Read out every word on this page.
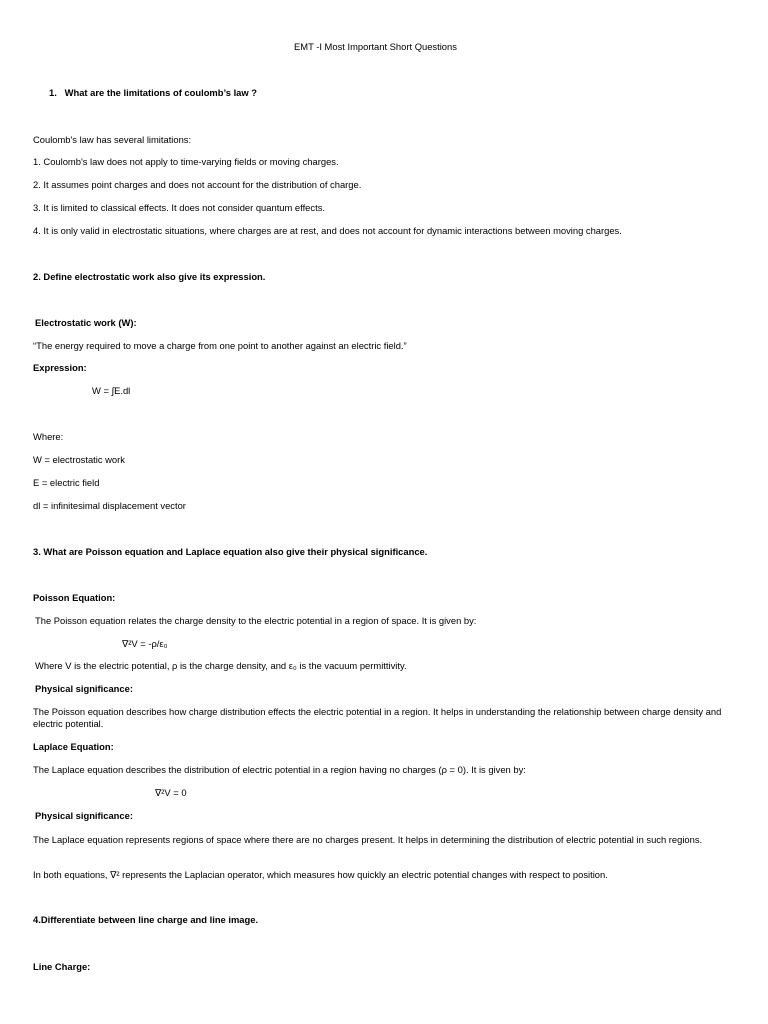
EMT -I Most Important Short Questions

1.   What are the limitations of coulomb’s law ?

Coulomb's law has several limitations:

1. Coulomb's law does not apply to time-varying fields or moving charges.

2. It assumes point charges and does not account for the distribution of charge.

3. It is limited to classical effects. It does not consider quantum effects.

4. It is only valid in electrostatic situations, where charges are at rest, and does not account for dynamic interactions between moving charges.

2. Define electrostatic work also give its expression.

Electrostatic work (W):

“The energy required to move a charge from one point to another against an electric field.”

Expression:

W = ∫E.dl

Where:

W = electrostatic work

E = electric field

dl = infinitesimal displacement vector

3. What are Poisson equation and Laplace equation also give their physical significance.

Poisson Equation:

The Poisson equation relates the charge density to the electric potential in a region of space. It is given by:

∇²V = -ρ/ε₀

Where V is the electric potential, ρ is the charge density, and ε₀ is the vacuum permittivity.

Physical significance:

The Poisson equation describes how charge distribution effects the electric potential in a region. It helps in understanding the relationship between charge density and electric potential.

Laplace Equation:

The Laplace equation describes the distribution of electric potential in a region having no charges (ρ = 0). It is given by:

∇²V = 0

Physical significance:

The Laplace equation represents regions of space where there are no charges present. It helps in determining the distribution of electric potential in such regions.

In both equations, ∇² represents the Laplacian operator, which measures how quickly an electric potential changes with respect to position.

4.Differentiate between line charge and line image.

Line Charge:
